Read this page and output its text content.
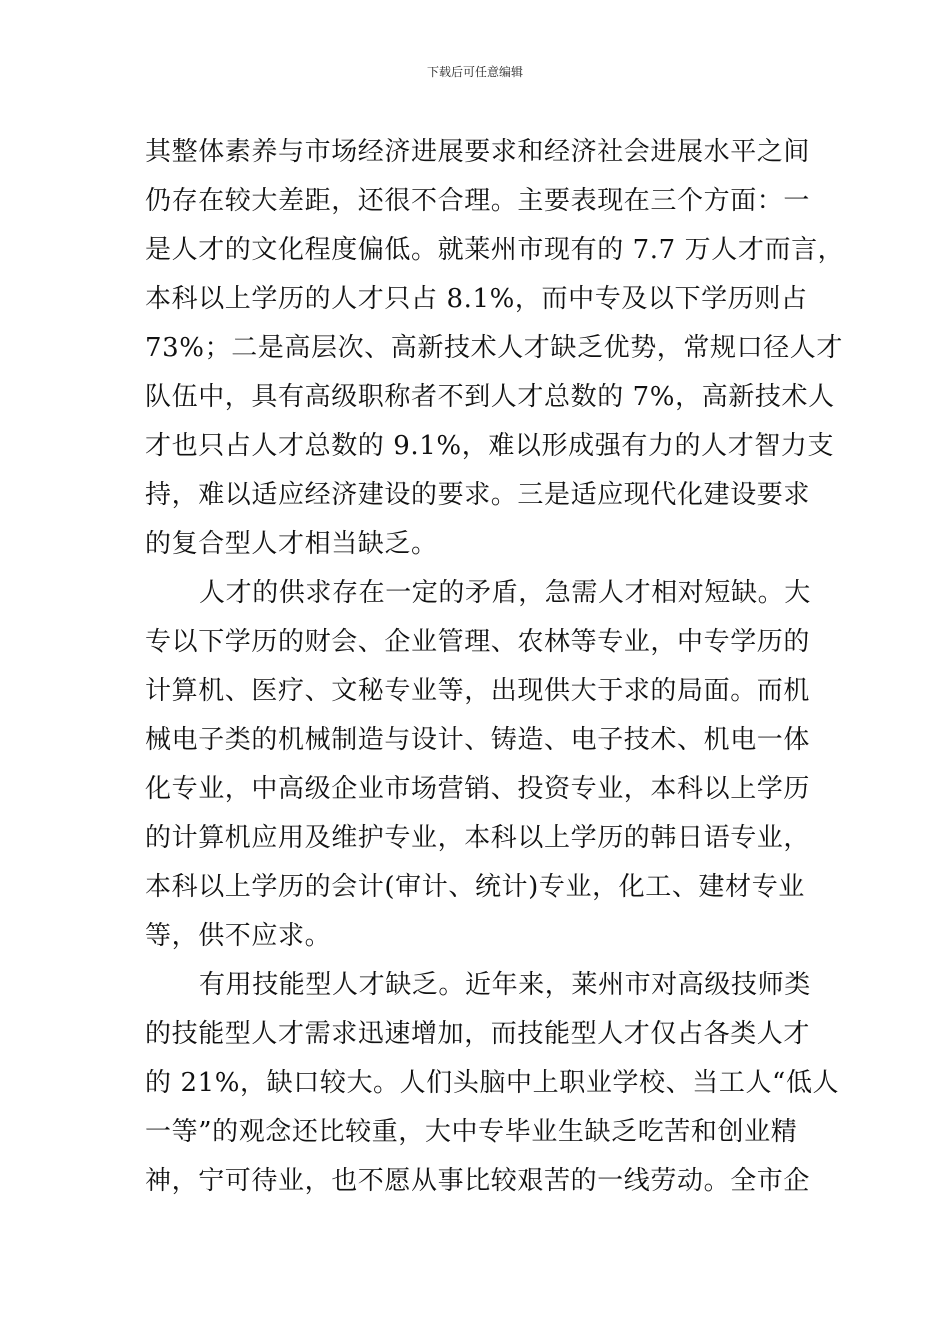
下载后可任意编辑
其整体素养与市场经济进展要求和经济社会进展水平之间
仍存在较大差距，还很不合理。主要表现在三个方面：一
是人才的文化程度偏低。就莱州市现有的 7.7 万人才而言，
本科以上学历的人才只占 8.1%，而中专及以下学历则占
73%；二是高层次、高新技术人才缺乏优势，常规口径人才
队伍中，具有高级职称者不到人才总数的 7%，高新技术人
才也只占人才总数的 9.1%，难以形成强有力的人才智力支
持，难以适应经济建设的要求。三是适应现代化建设要求
的复合型人才相当缺乏。
人才的供求存在一定的矛盾，急需人才相对短缺。大
专以下学历的财会、企业管理、农林等专业，中专学历的
计算机、医疗、文秘专业等，出现供大于求的局面。而机
械电子类的机械制造与设计、铸造、电子技术、机电一体
化专业，中高级企业市场营销、投资专业，本科以上学历
的计算机应用及维护专业，本科以上学历的韩日语专业，
本科以上学历的会计(审计、统计)专业，化工、建材专业
等，供不应求。
有用技能型人才缺乏。近年来，莱州市对高级技师类
的技能型人才需求迅速增加，而技能型人才仅占各类人才
的 21%，缺口较大。人们头脑中上职业学校、当工人“低人
一等”的观念还比较重，大中专毕业生缺乏吃苦和创业精
神，宁可待业，也不愿从事比较艰苦的一线劳动。全市企
